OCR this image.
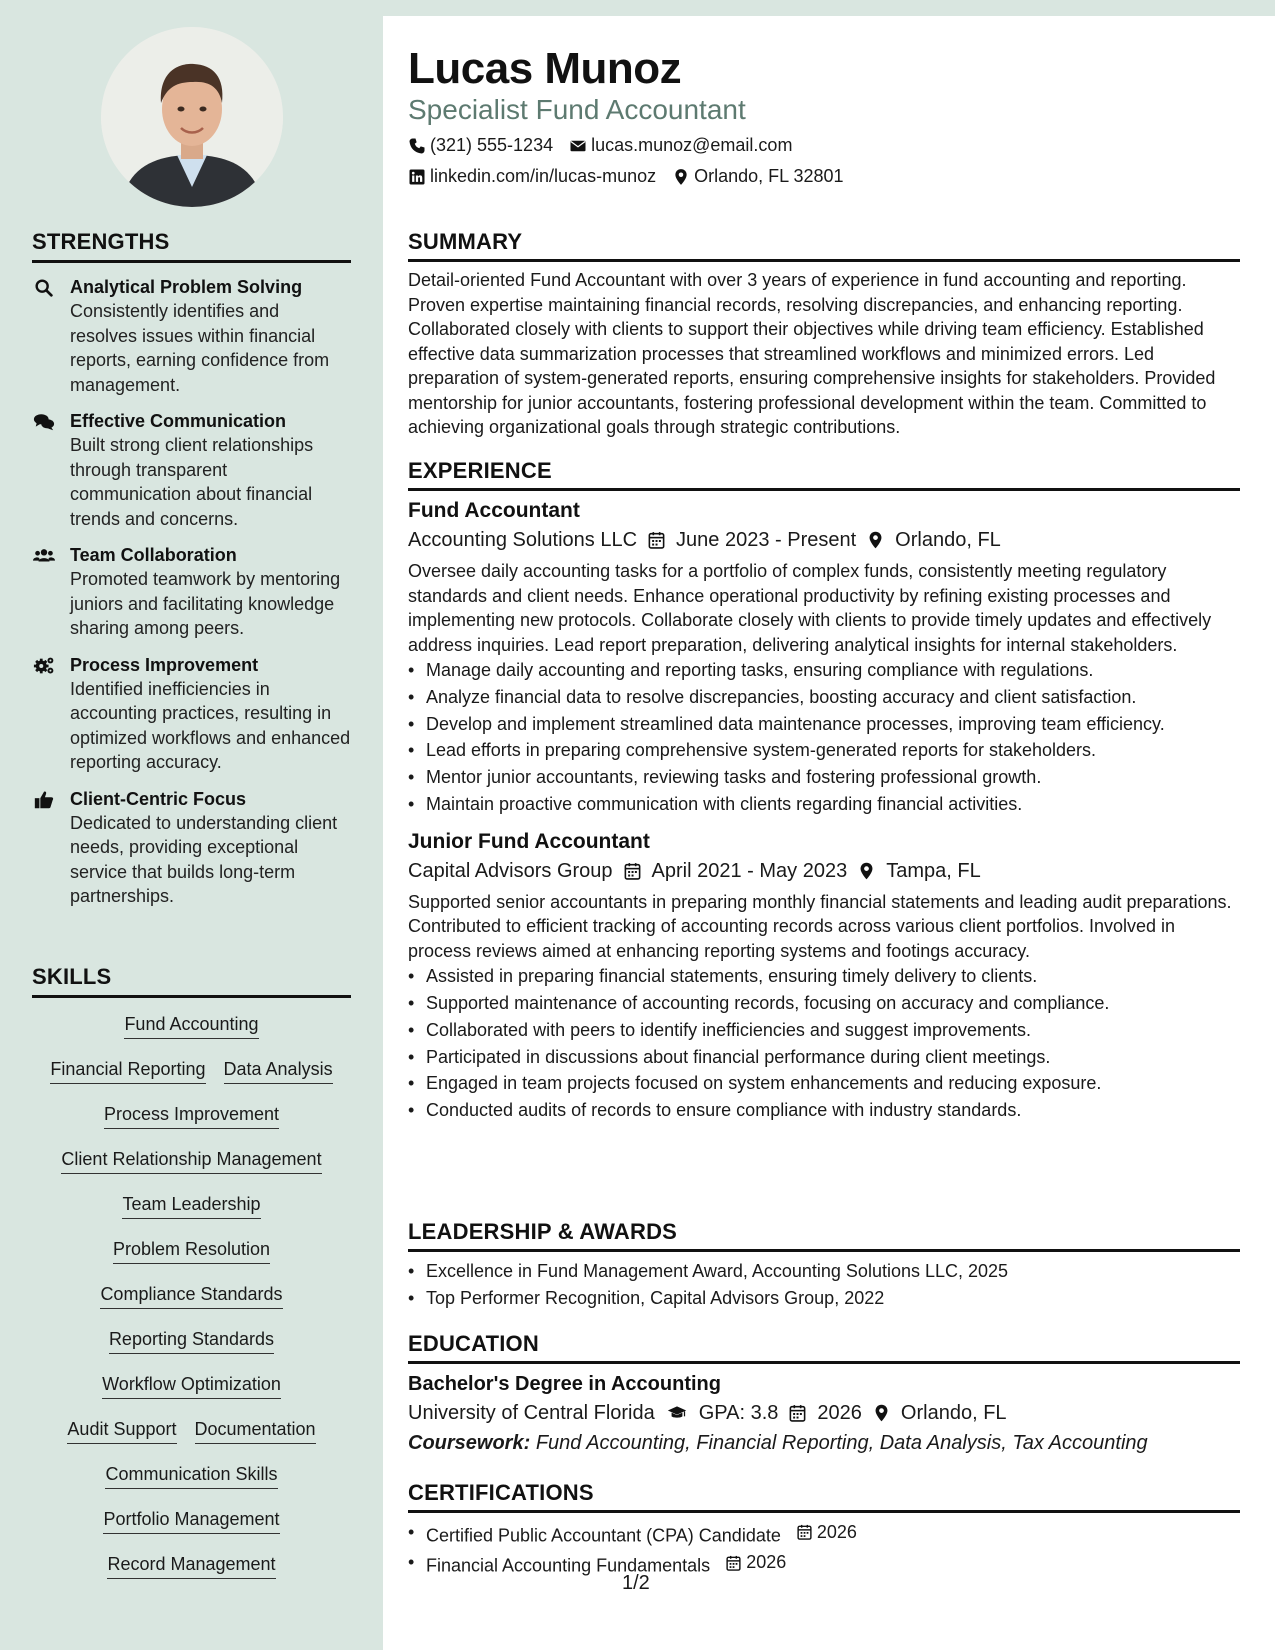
STRENGTHS
Analytical Problem Solving
Consistently identifies and resolves issues within financial reports, earning confidence from management.
Effective Communication
Built strong client relationships through transparent communication about financial trends and concerns.
Team Collaboration
Promoted teamwork by mentoring juniors and facilitating knowledge sharing among peers.
Process Improvement
Identified inefficiencies in accounting practices, resulting in optimized workflows and enhanced reporting accuracy.
Client-Centric Focus
Dedicated to understanding client needs, providing exceptional service that builds long-term partnerships.
SKILLS
Fund Accounting
Financial Reporting Data Analysis
Process Improvement
Client Relationship Management
Team Leadership
Problem Resolution
Compliance Standards
Reporting Standards
Workflow Optimization
Audit Support Documentation
Communication Skills
Portfolio Management
Record Management
Lucas Munoz
Specialist Fund Accountant
(321) 555-1234 lucas.munoz@email.com
linkedin.com/in/lucas-munoz Orlando, FL 32801
SUMMARY
Detail-oriented Fund Accountant with over 3 years of experience in fund accounting and reporting. Proven expertise maintaining financial records, resolving discrepancies, and enhancing reporting. Collaborated closely with clients to support their objectives while driving team efficiency. Established effective data summarization processes that streamlined workflows and minimized errors. Led preparation of system-generated reports, ensuring comprehensive insights for stakeholders. Provided mentorship for junior accountants, fostering professional development within the team. Committed to achieving organizational goals through strategic contributions.
EXPERIENCE
Fund Accountant
Accounting Solutions LLC June 2023 - Present Orlando, FL
Oversee daily accounting tasks for a portfolio of complex funds, consistently meeting regulatory standards and client needs. Enhance operational productivity by refining existing processes and implementing new protocols. Collaborate closely with clients to provide timely updates and effectively address inquiries. Lead report preparation, delivering analytical insights for internal stakeholders.
• Manage daily accounting and reporting tasks, ensuring compliance with regulations.
• Analyze financial data to resolve discrepancies, boosting accuracy and client satisfaction.
• Develop and implement streamlined data maintenance processes, improving team efficiency.
• Lead efforts in preparing comprehensive system-generated reports for stakeholders.
• Mentor junior accountants, reviewing tasks and fostering professional growth.
• Maintain proactive communication with clients regarding financial activities.
Junior Fund Accountant
Capital Advisors Group April 2021 - May 2023 Tampa, FL
Supported senior accountants in preparing monthly financial statements and leading audit preparations. Contributed to efficient tracking of accounting records across various client portfolios. Involved in process reviews aimed at enhancing reporting systems and footings accuracy.
• Assisted in preparing financial statements, ensuring timely delivery to clients.
• Supported maintenance of accounting records, focusing on accuracy and compliance.
• Collaborated with peers to identify inefficiencies and suggest improvements.
• Participated in discussions about financial performance during client meetings.
• Engaged in team projects focused on system enhancements and reducing exposure.
• Conducted audits of records to ensure compliance with industry standards.
LEADERSHIP & AWARDS
• Excellence in Fund Management Award, Accounting Solutions LLC, 2025
• Top Performer Recognition, Capital Advisors Group, 2022
EDUCATION
Bachelor's Degree in Accounting
University of Central Florida GPA: 3.8 2026 Orlando, FL
Coursework: Fund Accounting, Financial Reporting, Data Analysis, Tax Accounting
CERTIFICATIONS
• Certified Public Accountant (CPA) Candidate 2026
• Financial Accounting Fundamentals 2026
1/2
